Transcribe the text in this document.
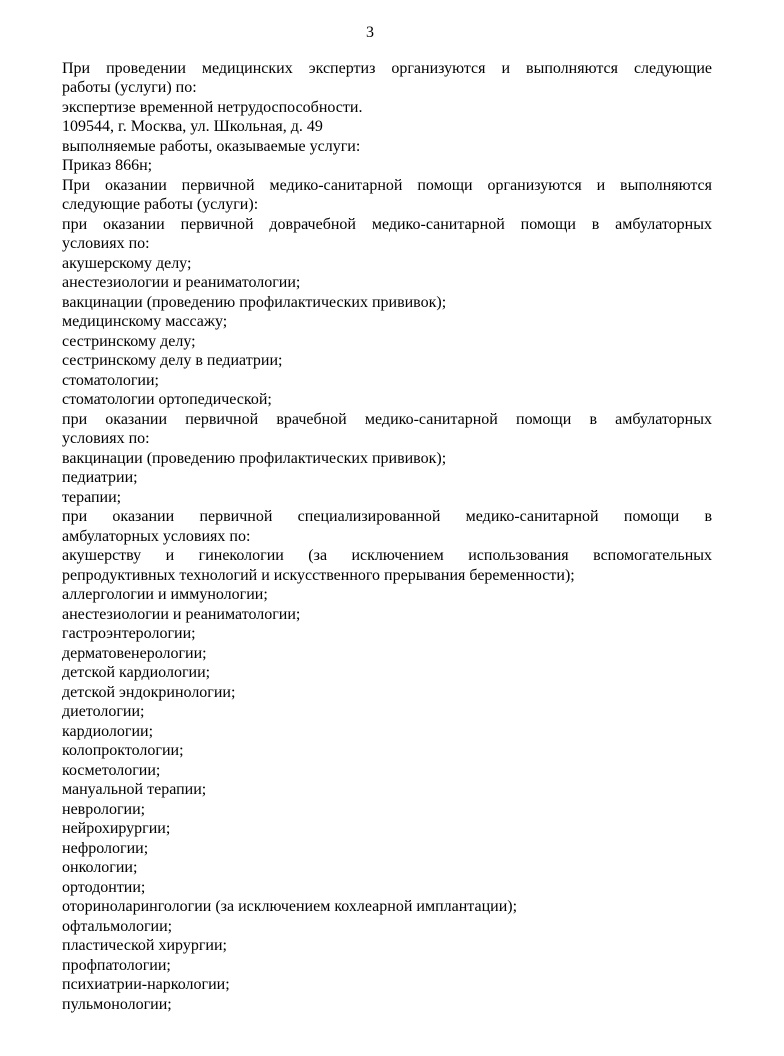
3

При проведении медицинских экспертиз организуются и выполняются следующие

работы (услуги) по:

экспертизе временной нетрудоспособности.

109544, г. Москва, ул. Школьная, д. 49

выполняемые работы, оказываемые услуги:

Приказ 866н;

При оказании первичной медико-санитарной помощи организуются и выполняются

следующие работы (услуги):

при оказании первичной доврачебной медико-санитарной помощи в амбулаторных

условиях по:

акушерскому делу;

анестезиологии и реаниматологии;

вакцинации (проведению профилактических прививок);

медицинскому массажу;

сестринскому делу;

сестринскому делу в педиатрии;

стоматологии;

стоматологии ортопедической;

при оказании первичной врачебной медико-санитарной помощи в амбулаторных

условиях по:

вакцинации (проведению профилактических прививок);

педиатрии;

терапии;

при оказании первичной специализированной медико-санитарной помощи в

амбулаторных условиях по:

акушерству и гинекологии (за исключением использования вспомогательных

репродуктивных технологий и искусственного прерывания беременности);

аллергологии и иммунологии;

анестезиологии и реаниматологии;

гастроэнтерологии;

дерматовенерологии;

детской кардиологии;

детской эндокринологии;

диетологии;

кардиологии;

колопроктологии;

косметологии;

мануальной терапии;

неврологии;

нейрохирургии;

нефрологии;

онкологии;

ортодонтии;

оториноларингологии (за исключением кохлеарной имплантации);

офтальмологии;

пластической хирургии;

профпатологии;

психиатрии-наркологии;

пульмонологии;
